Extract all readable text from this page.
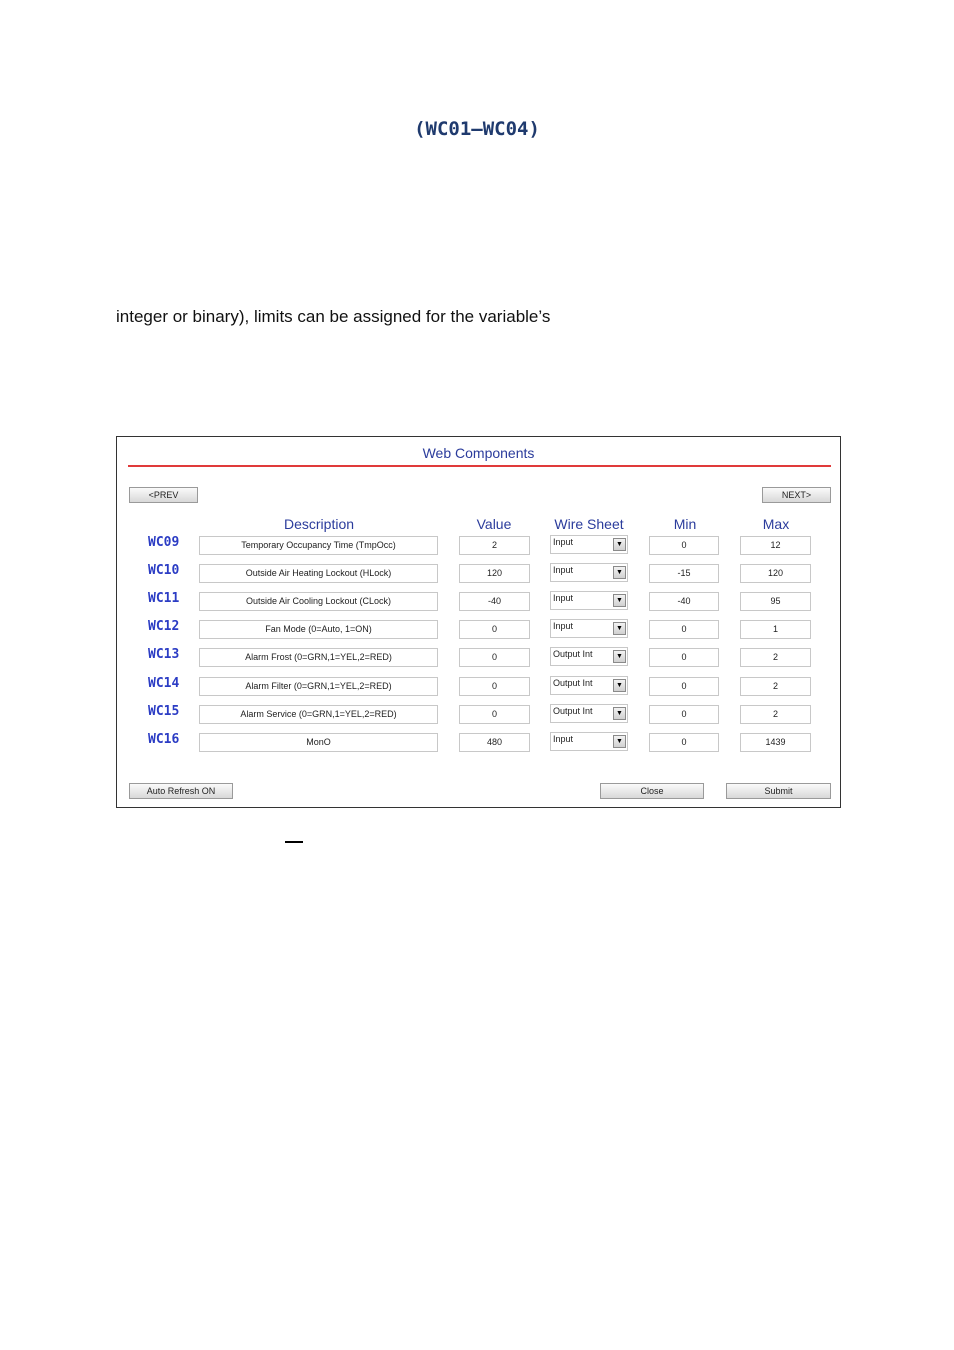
(WC01–WC04)
integer or binary), limits can be assigned for the variable’s
Web Components
<PREV	NEXT>
Description	Value	Wire Sheet	Min	Max
WC09	Temporary Occupancy Time (TmpOcc)	2	Input	▼	0	12
WC10	Outside Air Heating Lockout (HLock)	120	Input	▼	-15	120
WC11	Outside Air Cooling Lockout (CLock)	-40	Input	▼	-40	95
WC12	Fan Mode (0=Auto, 1=ON)	0	Input	▼	0	1
WC13	Alarm Frost (0=GRN,1=YEL,2=RED)	0	Output Int	▼	0	2
WC14	Alarm Filter (0=GRN,1=YEL,2=RED)	0	Output Int	▼	0	2
WC15	Alarm Service (0=GRN,1=YEL,2=RED)	0	Output Int	▼	0	2
WC16	MonO	480	Input	▼	0	1439
Auto Refresh ON	Close	Submit
